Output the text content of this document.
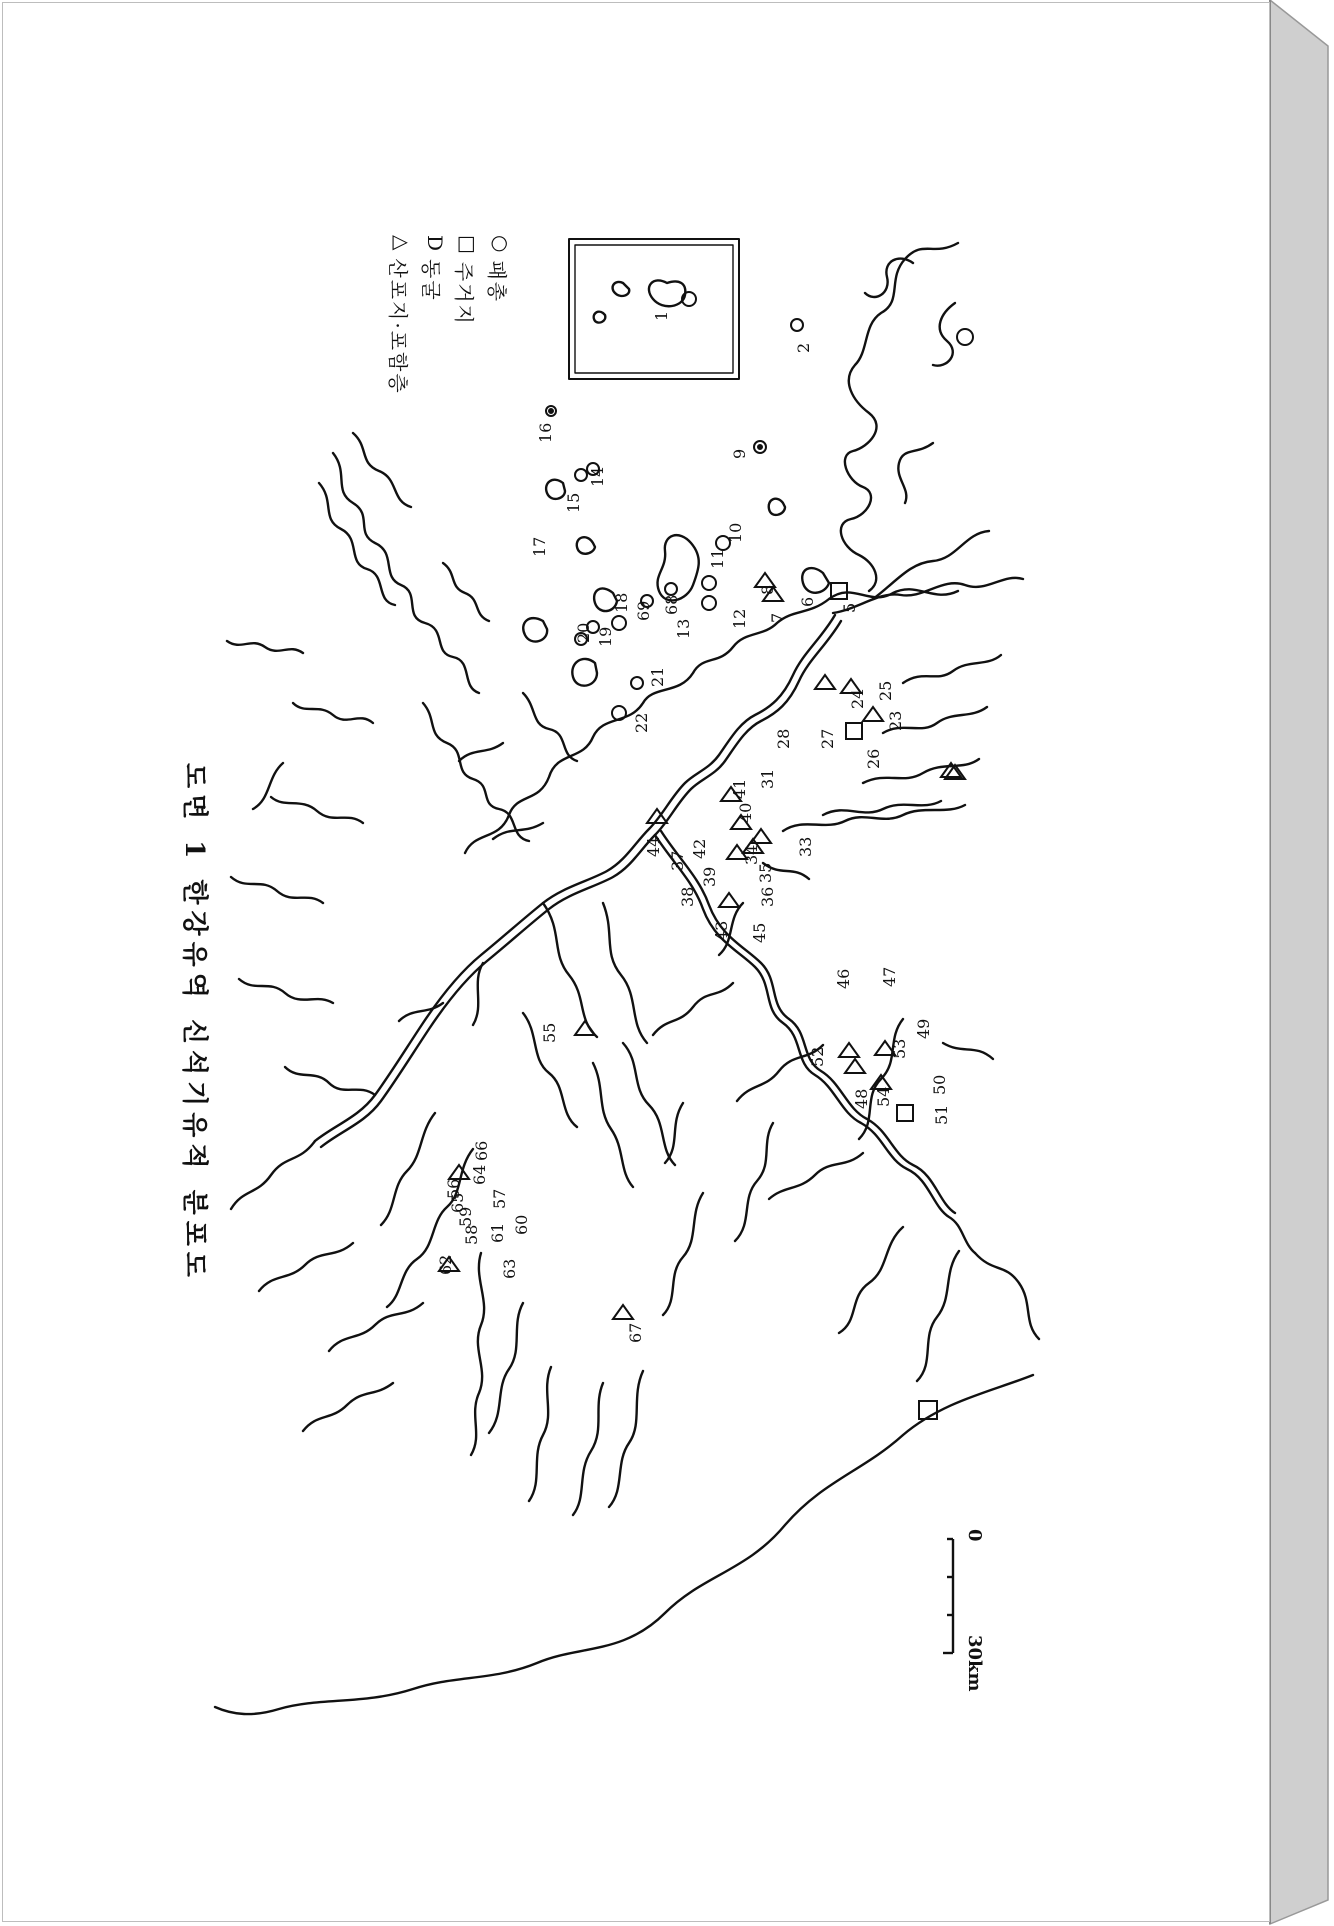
1
2
5
6
7
8
9
10
11
12
13
14
15
16
17
18
19
20
21
22	23
24 25
26
27
28
31
33
34
35
36
37
38
39
40
41
42
43
44
45
46 47
48
49
50
51
52	53
54
55
56 57
58
59 60
61
62	63
64
65
66
67
68
69
○
패총
□
주거지
D
동굴
△
산포지·포함층
도면 1 한강유역 신석기유적 분포도
0
30km
